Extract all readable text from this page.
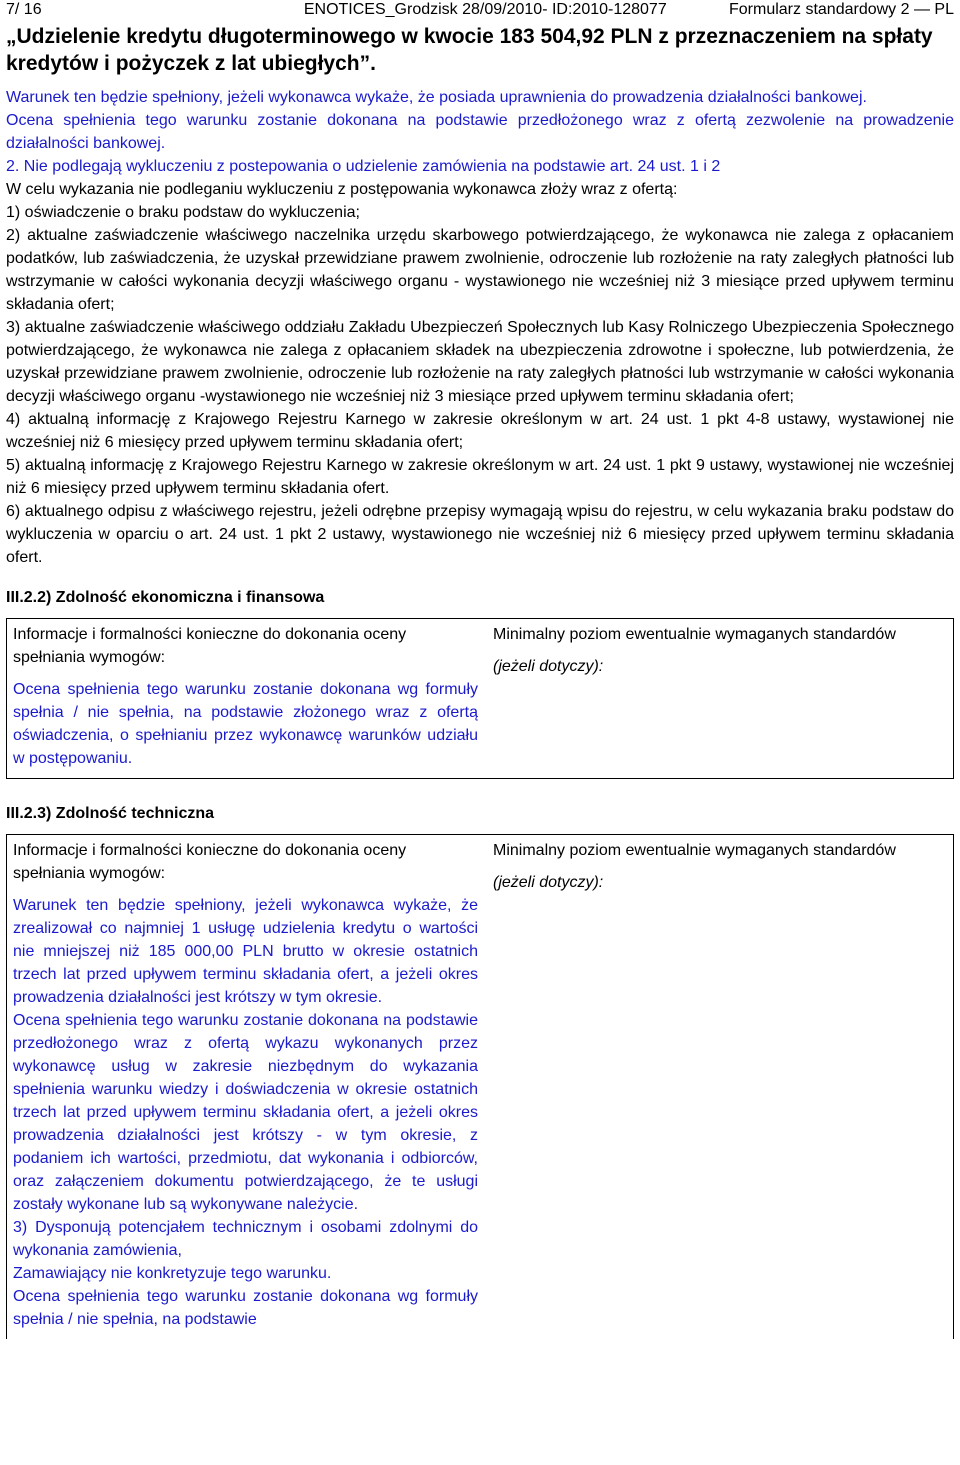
7/ 16	ENOTICES_Grodzisk 28/09/2010- ID:2010-128077	Formularz standardowy 2 — PL
„Udzielenie kredytu długoterminowego w kwocie 183 504,92 PLN z przeznaczeniem na spłaty kredytów i pożyczek z lat ubiegłych”.

Warunek ten będzie spełniony, jeżeli wykonawca wykaże, że posiada uprawnienia do prowadzenia działalności bankowej.

Ocena spełnienia tego warunku zostanie dokonana na podstawie przedłożonego wraz z ofertą zezwolenie na prowadzenie działalności bankowej.

2. Nie podlegają wykluczeniu z postepowania o udzielenie zamówienia na podstawie art. 24 ust. 1 i 2

W celu wykazania nie podleganiu wykluczeniu z postępowania wykonawca złoży wraz z ofertą:

1) oświadczenie o braku podstaw do wykluczenia;

2) aktualne zaświadczenie właściwego naczelnika urzędu skarbowego potwierdzającego, że wykonawca nie zalega z opłacaniem podatków, lub zaświadczenia, że uzyskał przewidziane prawem zwolnienie, odroczenie lub rozłożenie na raty zaległych płatności lub wstrzymanie w całości wykonania decyzji właściwego organu - wystawionego nie wcześniej niż 3 miesiące przed upływem terminu składania ofert;

3) aktualne zaświadczenie właściwego oddziału Zakładu Ubezpieczeń Społecznych lub Kasy Rolniczego Ubezpieczenia Społecznego potwierdzającego, że wykonawca nie zalega z opłacaniem składek na ubezpieczenia zdrowotne i społeczne, lub potwierdzenia, że uzyskał przewidziane prawem zwolnienie, odroczenie lub rozłożenie na raty zaległych płatności lub wstrzymanie w całości wykonania decyzji właściwego organu -wystawionego nie wcześniej niż 3 miesiące przed upływem terminu składania ofert;

4) aktualną informację z Krajowego Rejestru Karnego w zakresie określonym w art. 24 ust. 1 pkt 4-8 ustawy, wystawionej nie wcześniej niż 6 miesięcy przed upływem terminu składania ofert;

5) aktualną informację z Krajowego Rejestru Karnego w zakresie określonym w art. 24 ust. 1 pkt 9 ustawy, wystawionej nie wcześniej niż 6 miesięcy przed upływem terminu składania ofert.

6) aktualnego odpisu z właściwego rejestru, jeżeli odrębne przepisy wymagają wpisu do rejestru, w celu wykazania braku podstaw do wykluczenia w oparciu o art. 24 ust. 1 pkt 2 ustawy, wystawionego nie wcześniej niż 6 miesięcy przed upływem terminu składania ofert.

III.2.2) Zdolność ekonomiczna i finansowa

Informacje i formalności konieczne do dokonania oceny spełniania wymogów:

Ocena spełnienia tego warunku zostanie dokonana wg formuły spełnia / nie spełnia, na podstawie złożonego wraz z ofertą oświadczenia, o spełnianiu przez wykonawcę warunków udziału w postępowaniu.

Minimalny poziom ewentualnie wymaganych standardów

(jeżeli dotyczy):

III.2.3) Zdolność techniczna

Informacje i formalności konieczne do dokonania oceny spełniania wymogów:

Warunek ten będzie spełniony, jeżeli wykonawca wykaże, że zrealizował co najmniej 1 usługę udzielenia kredytu o wartości nie mniejszej niż 185 000,00 PLN brutto w okresie ostatnich trzech lat przed upływem terminu składania ofert, a jeżeli okres prowadzenia działalności jest krótszy w tym okresie.

Ocena spełnienia tego warunku zostanie dokonana na podstawie przedłożonego wraz z ofertą wykazu wykonanych przez wykonawcę usług w zakresie niezbędnym do wykazania spełnienia warunku wiedzy i doświadczenia w okresie ostatnich trzech lat przed upływem terminu składania ofert, a jeżeli okres prowadzenia działalności jest krótszy - w tym okresie, z podaniem ich wartości, przedmiotu, dat wykonania i odbiorców, oraz załączeniem dokumentu potwierdzającego, że te usługi zostały wykonane lub są wykonywane należycie.

3) Dysponują potencjałem technicznym i osobami zdolnymi do wykonania zamówienia,

Zamawiający nie konkretyzuje tego warunku.

Ocena spełnienia tego warunku zostanie dokonana wg formuły spełnia / nie spełnia, na podstawie

Minimalny poziom ewentualnie wymaganych standardów

(jeżeli dotyczy):
